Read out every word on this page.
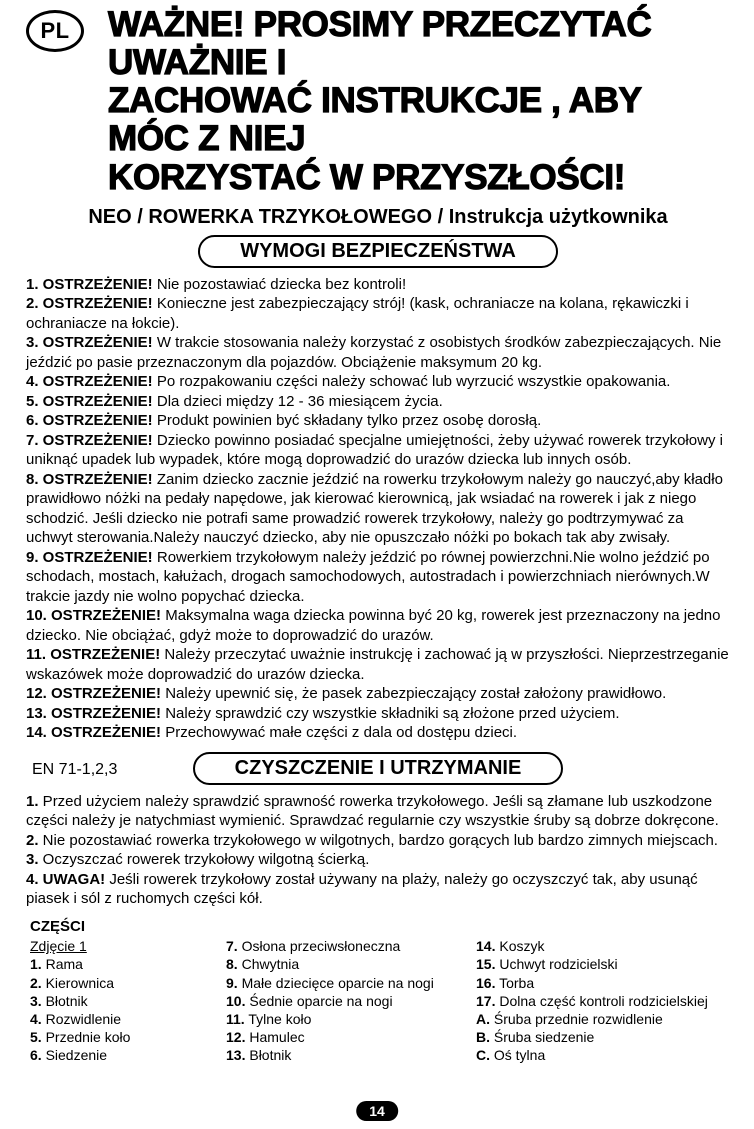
PL	WAŻNE! PROSIMY PRZECZYTAĆ UWAŻNIE I
ZACHOWAĆ INSTRUKCJE , ABY MÓC Z NIEJ
KORZYSTAĆ W PRZYSZŁOŚCI!
NEO / ROWERKA TRZYKOŁOWEGO / Instrukcja użytkownika
WYMOGI BEZPIECZEŃSTWA

1. OSTRZEŻENIE! Nie pozostawiać dziecka bez kontroli!

2. OSTRZEŻENIE! Konieczne jest zabezpieczający strój! (kask, ochraniacze na kolana, rękawiczki i ochraniacze na łokcie).

3. OSTRZEŻENIE! W trakcie stosowania należy korzystać z osobistych środków zabezpieczających. Nie jeździć po pasie przeznaczonym dla pojazdów. Obciążenie maksymum 20 kg.

4. OSTRZEŻENIE! Po rozpakowaniu części należy schować lub wyrzucić wszystkie opakowania.

5. OSTRZEŻENIE! Dla dzieci między 12 - 36 miesiącem życia.

6. OSTRZEŻENIE! Produkt powinien być składany tylko przez osobę dorosłą.

7. OSTRZEŻENIE! Dziecko powinno posiadać specjalne umiejętności, żeby używać rowerek trzykołowy i uniknąć upadek lub wypadek, które mogą doprowadzić do urazów dziecka lub innych osób.

8. OSTRZEŻENIE! Zanim dziecko zacznie jeździć na rowerku trzykołowym należy go nauczyć,aby kładło prawidłowo nóżki na pedały napędowe, jak kierować kierownicą, jak wsiadać na rowerek i jak z niego schodzić. Jeśli dziecko nie potrafi same prowadzić rowerek trzykołowy, należy go podtrzymywać za uchwyt sterowania.Należy nauczyć dziecko, aby nie opuszczało nóżki po bokach tak aby zwisały.

9. OSTRZEŻENIE! Rowerkiem trzykołowym należy jeździć po równej powierzchni.Nie wolno jeździć po schodach, mostach, kałużach, drogach samochodowych, autostradach i powierzchniach nierównych.W trakcie jazdy nie wolno popychać dziecka.

10. OSTRZEŻENIE! Maksymalna waga dziecka powinna być 20 kg, rowerek jest przeznaczony na jedno dziecko. Nie obciążać, gdyż może to doprowadzić do urazów.

11. OSTRZEŻENIE! Należy przeczytać uważnie instrukcję i zachować ją w przyszłości. Nieprzestrzeganie wskazówek może doprowadzić do urazów dziecka.

12. OSTRZEŻENIE! Należy upewnić się, że pasek zabezpieczający został założony prawidłowo.

13. OSTRZEŻENIE! Należy sprawdzić czy wszystkie składniki są złożone przed użyciem.

14. OSTRZEŻENIE! Przechowywać małe części z dala od dostępu dzieci.

EN 71-1,2,3	CZYSZCZENIE I UTRZYMANIE

1. Przed użyciem należy sprawdzić sprawność rowerka trzykołowego. Jeśli są złamane lub uszkodzone części należy je natychmiast wymienić. Sprawdzać regularnie czy wszystkie śruby są dobrze dokręcone.

2. Nie pozostawiać rowerka trzykołowego w wilgotnych, bardzo gorących lub bardzo zimnych miejscach.

3. Oczyszczać rowerek trzykołowy wilgotną ścierką.

4. UWAGA! Jeśli rowerek trzykołowy został używany na plaży, należy go oczyszczyć tak, aby usunąć piasek i sól z ruchomych części kół.

CZĘŚCI

Zdjęcie 1

1. Rama

2. Kierownica

3. Błotnik

4. Rozwidlenie

5. Przednie koło

6. Siedzenie

7. Osłona przeciwsłoneczna

8. Chwytnia

9. Małe dziecięce oparcie na nogi

10. Śednie oparcie na nogi

11. Tylne koło

12. Hamulec

13. Błotnik

14. Koszyk

15. Uchwyt rodzicielski

16. Torba

17. Dolna część kontroli rodzicielskiej

A. Śruba przednie rozwidlenie

B. Śruba siedzenie

C. Oś tylna

14
